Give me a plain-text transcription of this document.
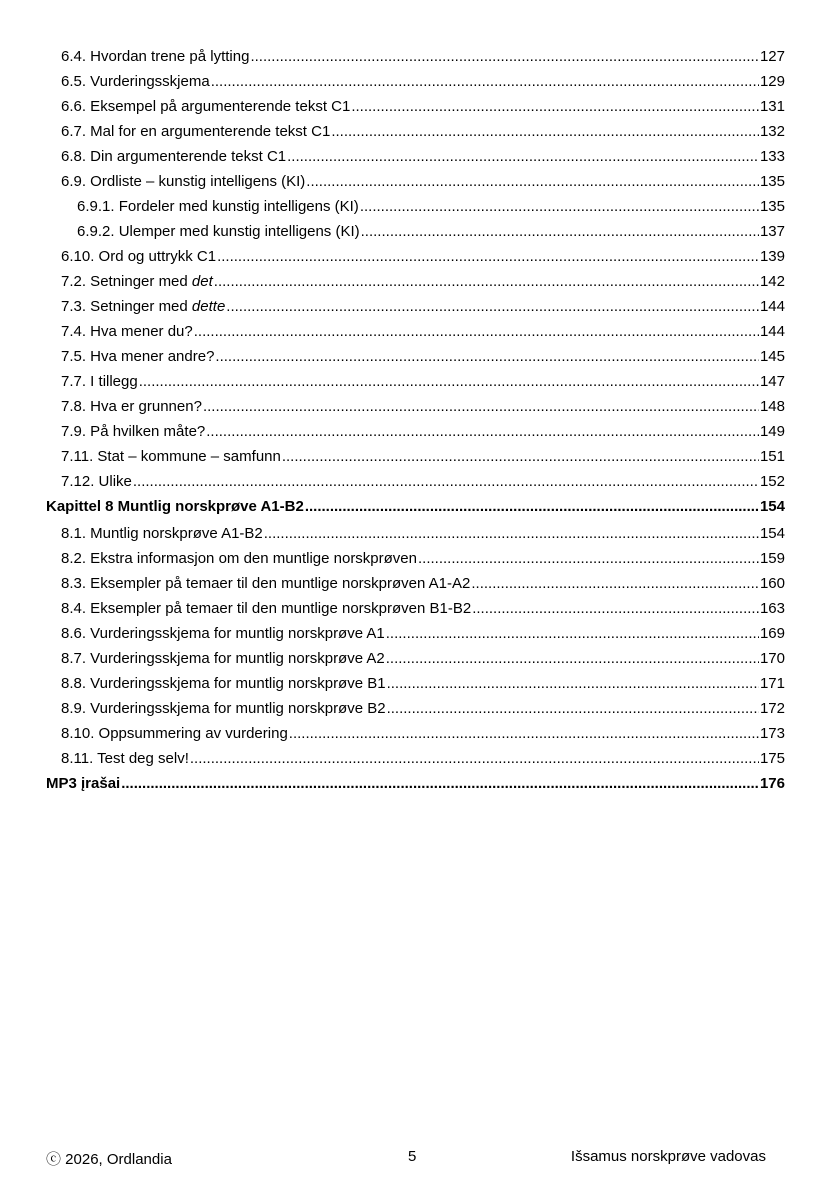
6.4. Hvordan trene på lytting .....	127
6.5. Vurderingsskjema .....	129
6.6. Eksempel på argumenterende tekst C1 .....	131
6.7. Mal for en argumenterende tekst C1 .....	132
6.8. Din argumenterende tekst C1 .....	133
6.9. Ordliste – kunstig intelligens (KI) .....	135
6.9.1. Fordeler med kunstig intelligens (KI) .....	135
6.9.2. Ulemper med kunstig intelligens (KI) .....	137
6.10. Ord og uttrykk C1 .....	139
7.2. Setninger med det .....	142
7.3. Setninger med dette .....	144
7.4. Hva mener du? .....	144
7.5. Hva mener andre? .....	145
7.7. I tillegg .....	147
7.8. Hva er grunnen? .....	148
7.9. På hvilken måte? .....	149
7.11. Stat – kommune – samfunn .....	151
7.12. Ulike .....	152
Kapittel 8 Muntlig norskprøve A1-B2 .....	154
8.1. Muntlig norskprøve A1-B2 .....	154
8.2. Ekstra informasjon om den muntlige norskprøven .....	159
8.3. Eksempler på temaer til den muntlige norskprøven A1-A2 .....	160
8.4. Eksempler på temaer til den muntlige norskprøven B1-B2 .....	163
8.6. Vurderingsskjema for muntlig norskprøve A1 .....	169
8.7. Vurderingsskjema for muntlig norskprøve A2 .....	170
8.8. Vurderingsskjema for muntlig norskprøve B1 .....	171
8.9. Vurderingsskjema for muntlig norskprøve B2 .....	172
8.10. Oppsummering av vurdering .....	173
8.11. Test deg selv! .....	175
MP3 įrašai .....	176
ⓒ 2026, Ordlandia	5	Išsamus norskprøve vadovas
